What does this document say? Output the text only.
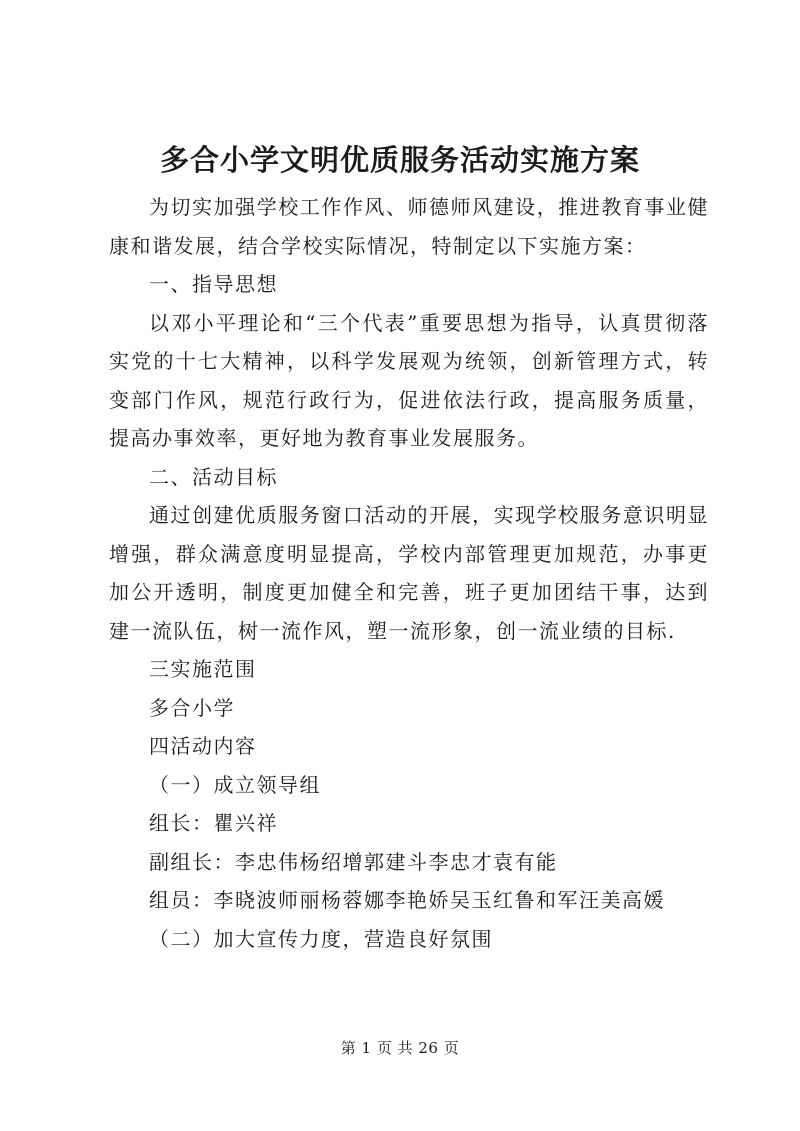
多合小学文明优质服务活动实施方案

为切实加强学校工作作风、师德师风建设，推进教育事业健康和谐发展，结合学校实际情况，特制定以下实施方案：

一、指导思想

以邓小平理论和“三个代表”重要思想为指导，认真贯彻落实党的十七大精神，以科学发展观为统领，创新管理方式，转变部门作风，规范行政行为，促进依法行政，提高服务质量，提高办事效率，更好地为教育事业发展服务。

二、活动目标

通过创建优质服务窗口活动的开展，实现学校服务意识明显增强，群众满意度明显提高，学校内部管理更加规范，办事更加公开透明，制度更加健全和完善，班子更加团结干事，达到建一流队伍，树一流作风，塑一流形象，创一流业绩的目标.

三实施范围

多合小学

四活动内容

（一）成立领导组

组长：瞿兴祥

副组长：李忠伟杨绍增郭建斗李忠才袁有能

组员：李晓波师丽杨蓉娜李艳娇吴玉红鲁和军汪美高媛

（二）加大宣传力度，营造良好氛围

第 1 页 共 26 页
